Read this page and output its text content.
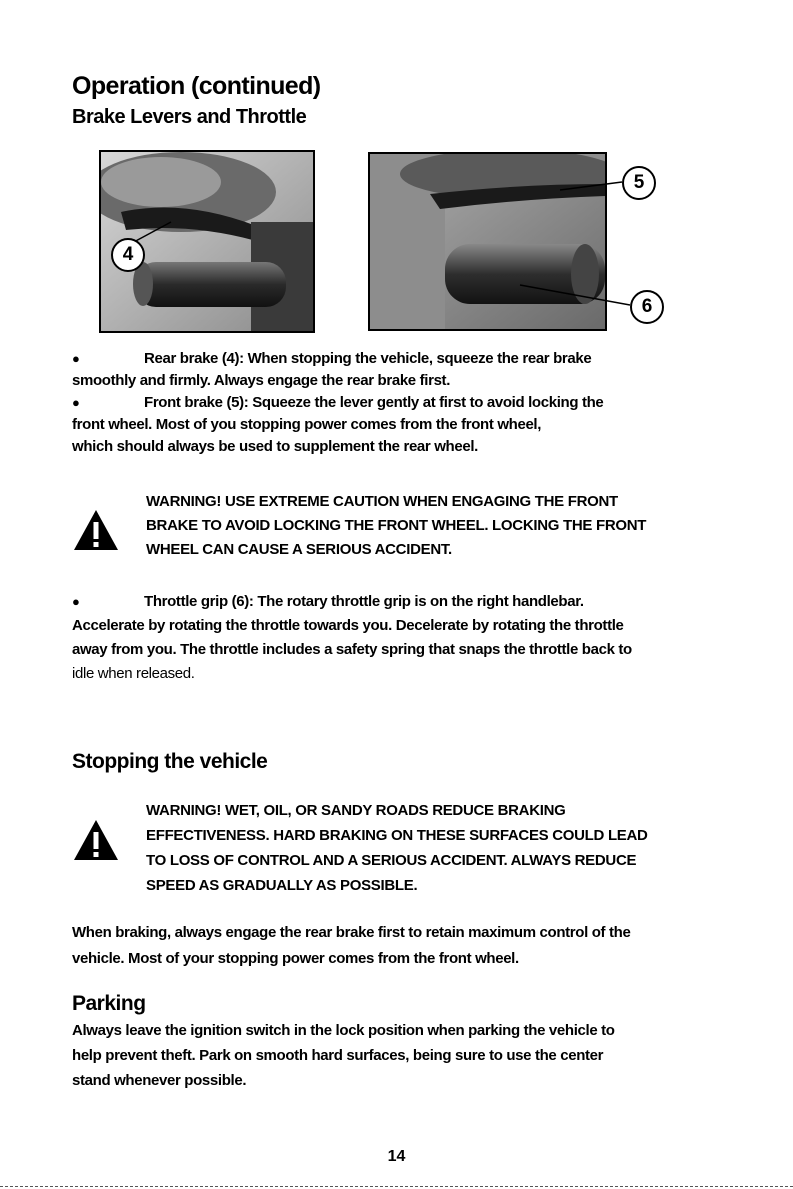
Operation (continued)
Brake Levers and Throttle
4
5
6
●	Rear brake (4): When stopping the vehicle, squeeze the rear brake
smoothly and firmly. Always engage the rear brake first.
●	Front brake (5): Squeeze the lever gently at first to avoid locking the
front wheel. Most of you stopping power comes from the front wheel,
which should always be used to supplement the rear wheel.
WARNING! USE EXTREME CAUTION WHEN ENGAGING THE FRONT
BRAKE TO AVOID LOCKING THE FRONT WHEEL. LOCKING THE FRONT
WHEEL CAN CAUSE A SERIOUS ACCIDENT.
●	Throttle grip (6): The rotary throttle grip is on the right handlebar.
Accelerate by rotating the throttle towards you. Decelerate by rotating the throttle
away from you. The throttle includes a safety spring that snaps the throttle back to
idle when released.
Stopping the vehicle
WARNING! WET, OIL, OR SANDY ROADS REDUCE BRAKING
EFFECTIVENESS. HARD BRAKING ON THESE SURFACES COULD LEAD
TO LOSS OF CONTROL AND A SERIOUS ACCIDENT. ALWAYS REDUCE
SPEED AS GRADUALLY AS POSSIBLE.
When braking, always engage the rear brake first to retain maximum control of the
vehicle. Most of your stopping power comes from the front wheel.
Parking
Always leave the ignition switch in the lock position when parking the vehicle to
help prevent theft. Park on smooth hard surfaces, being sure to use the center
stand whenever possible.
14
